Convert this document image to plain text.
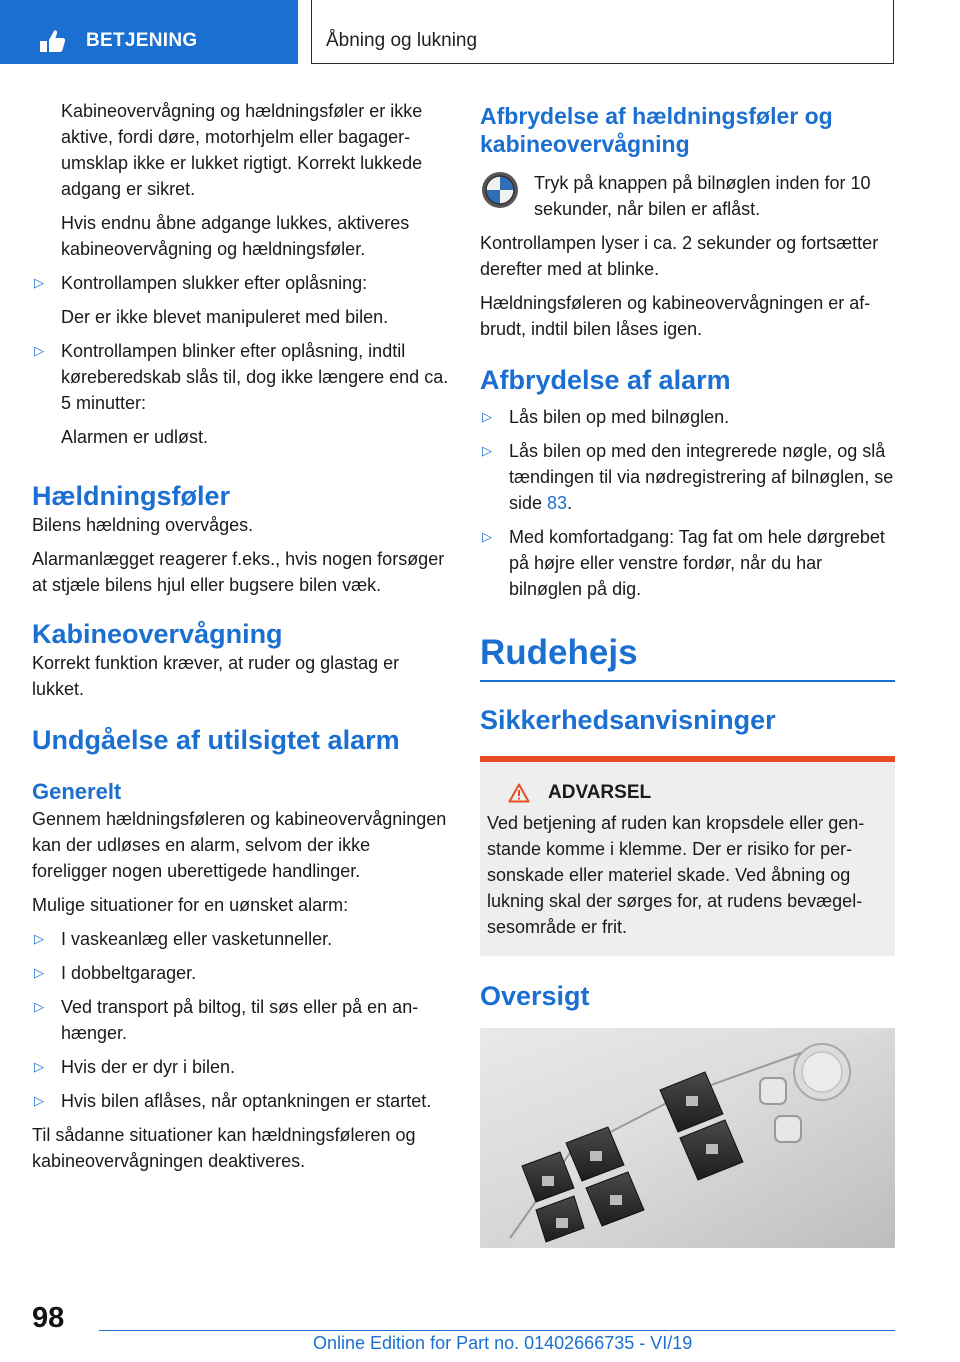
BETJENING	Åbning og lukning

Kabineovervågning og hældningsføler er ikke aktive, fordi døre, motorhjelm eller bagagerumsklap ikke er lukket rigtigt. Korrekt lukkede adgang er sikret.

Hvis endnu åbne adgange lukkes, aktiveres kabineovervågning og hældningsføler.

▷ Kontrollampen slukker efter oplåsning:

Der er ikke blevet manipuleret med bilen.

▷ Kontrollampen blinker efter oplåsning, indtil køreberedskab slås til, dog ikke længere end ca. 5 minutter:

Alarmen er udløst.

Hældningsføler

Bilens hældning overvåges.

Alarmanlægget reagerer f.eks., hvis nogen forsøger at stjæle bilens hjul eller bugsere bilen væk.

Kabineovervågning

Korrekt funktion kræver, at ruder og glastag er lukket.

Undgåelse af utilsigtet alarm
Generelt

Gennem hældningsføleren og kabineovervågningen kan der udløses en alarm, selvom der ikke foreligger nogen uberettigede handlinger.

Mulige situationer for en uønsket alarm:

▷ I vaskeanlæg eller vasketunneller.
▷ I dobbeltgarager.
▷ Ved transport på biltog, til søs eller på en anhænger.
▷ Hvis der er dyr i bilen.
▷ Hvis bilen aflåses, når optankningen er startet.

Til sådanne situationer kan hældningsføleren og kabineovervågningen deaktiveres.

Afbrydelse af hældningsføler og kabineovervågning
Tryk på knappen på bilnøglen inden for 10 sekunder, når bilen er aflåst.

Kontrollampen lyser i ca. 2 sekunder og fortsætter derefter med at blinke.

Hældningsføleren og kabineovervågningen er afbrudt, indtil bilen låses igen.

Afbrydelse af alarm
▷ Lås bilen op med bilnøglen.
▷ Lås bilen op med den integrerede nøgle, og slå tændingen til via nødregistrering af bilnøglen, se side 83.
▷ Med komfortadgang: Tag fat om hele dørgrebet på højre eller venstre fordør, når du har bilnøglen på dig.
Rudehejs
Sikkerhedsanvisninger
ADVARSEL

Ved betjening af ruden kan kropsdele eller genstande komme i klemme. Der er risiko for personskade eller materiel skade. Ved åbning og lukning skal der sørges for, at rudens bevægelsesområde er frit.

Oversigt
98
Online Edition for Part no. 01402666735 - VI/19
